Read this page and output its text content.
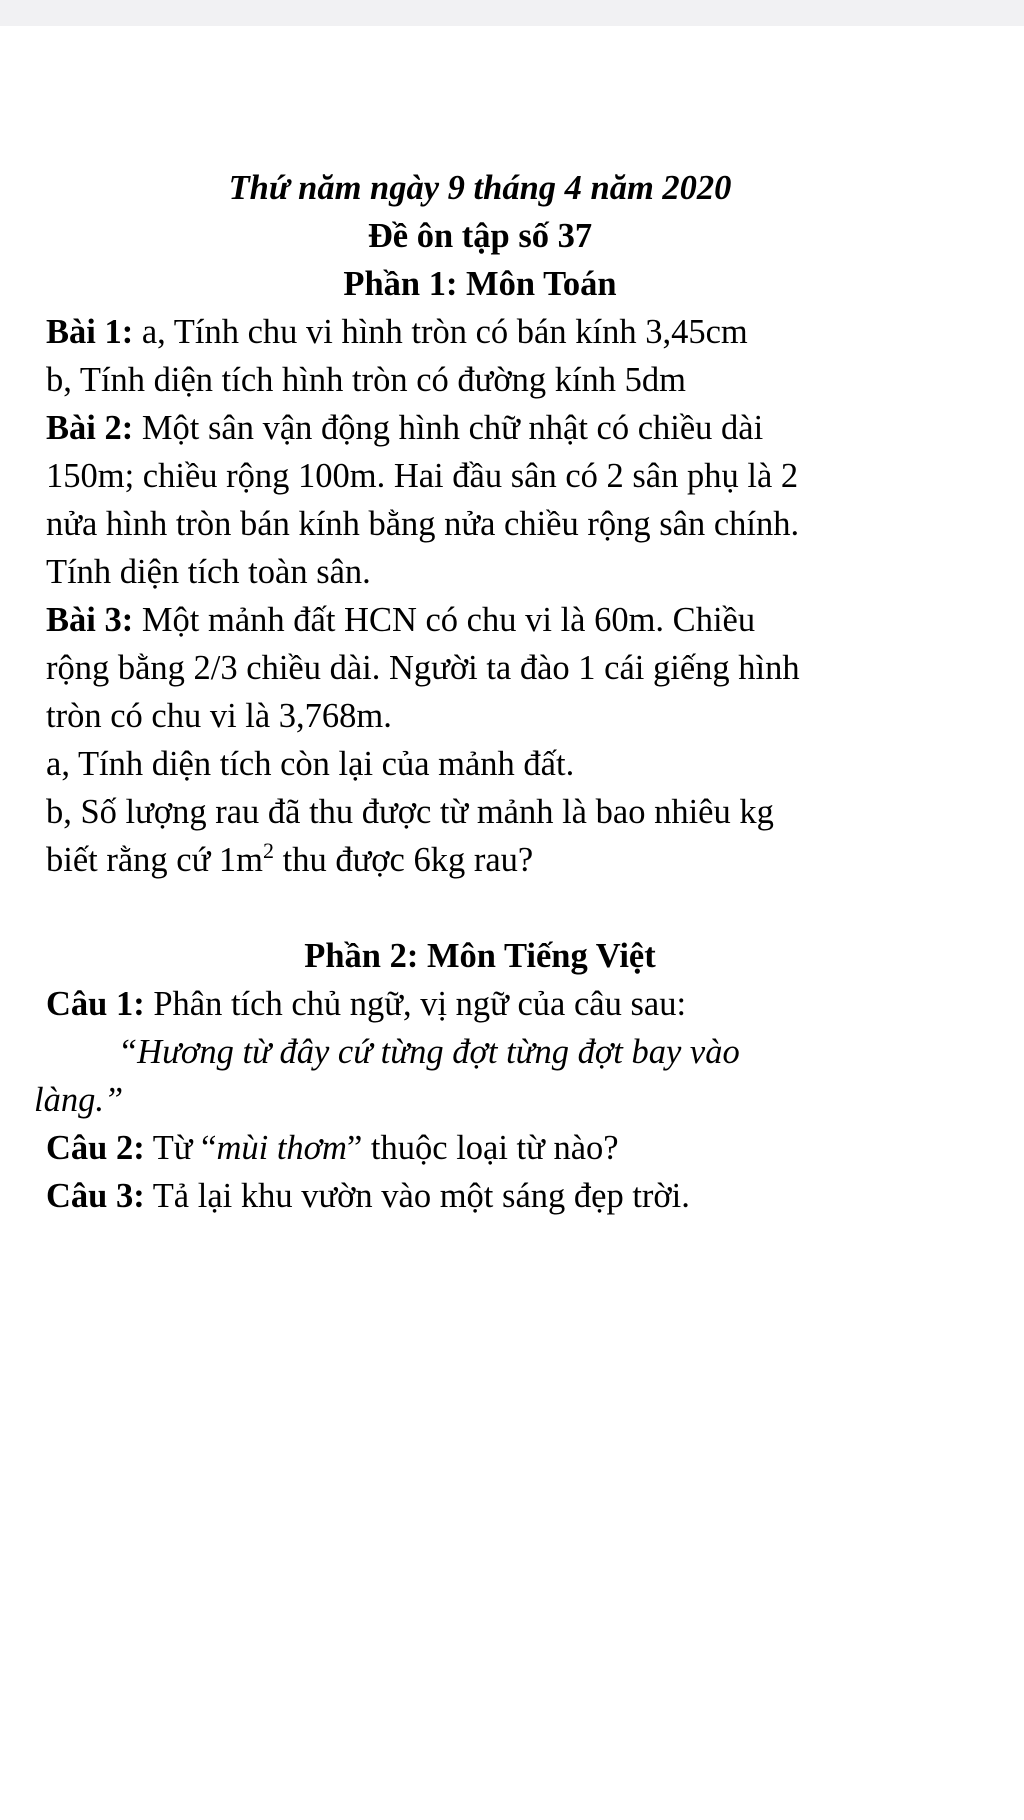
Thứ năm ngày 9 tháng 4 năm 2020

Đề ôn tập số 37

Phần 1: Môn Toán

Bài 1: a, Tính chu vi hình tròn có bán kính 3,45cm

b, Tính diện tích hình tròn có đường kính 5dm

Bài 2: Một sân vận động hình chữ nhật có chiều dài

150m; chiều rộng 100m. Hai đầu sân có 2 sân phụ là 2

nửa hình tròn bán kính bằng nửa chiều rộng sân chính.

Tính diện tích toàn sân.

Bài 3: Một mảnh đất HCN có chu vi là 60m. Chiều

rộng bằng 2/3 chiều dài. Người ta đào 1 cái giếng hình

tròn có chu vi là 3,768m.

a, Tính diện tích còn lại của mảnh đất.

b, Số lượng rau đã thu được từ mảnh là bao nhiêu kg

biết rằng cứ $1m^2$ thu được 6kg rau?

Phần 2: Môn Tiếng Việt

Câu 1: Phân tích chủ ngữ, vị ngữ của câu sau:

“Hương từ đây cứ từng đợt từng đợt bay vào

làng.”

Câu 2: Từ “mùi thơm” thuộc loại từ nào?

Câu 3: Tả lại khu vườn vào một sáng đẹp trời.
